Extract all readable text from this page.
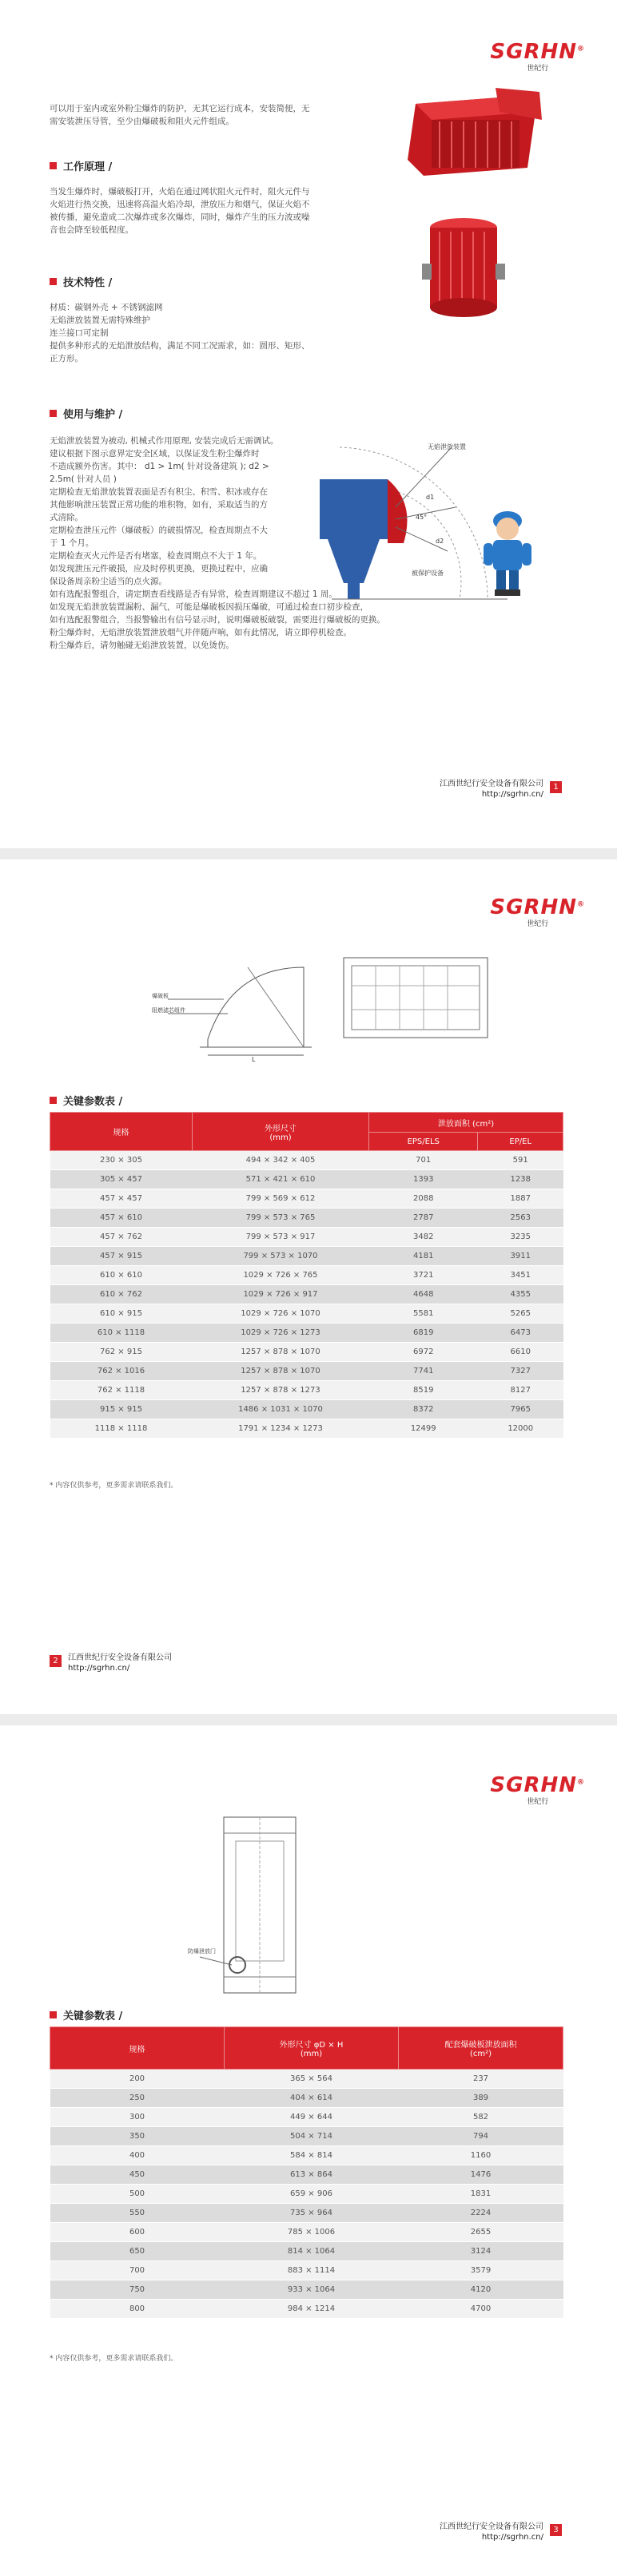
SGRHN®
世纪行
可以用于室内或室外粉尘爆炸的防护，无其它运行成本，安装简便，无
需安装泄压导管，至少由爆破板和阻火元件组成。
工作原理 /
当发生爆炸时，爆破板打开，火焰在通过网状阻火元件时，阻火元件与
火焰进行热交换，迅速将高温火焰冷却，泄放压力和烟气，保证火焰不
被传播，避免造成二次爆炸或多次爆炸，同时，爆炸产生的压力波或噪
音也会降至较低程度。
技术特性 /
材质：碳钢外壳 + 不锈钢滤网
无焰泄放装置无需特殊维护
连兰接口可定制
提供多种形式的无焰泄放结构，满足不同工况需求，如：圆形、矩形、
正方形。
使用与维护 /
无焰泄放装置为被动, 机械式作用原理, 安装完成后无需调试。
建议根据下图示意界定安全区域，以保证发生粉尘爆炸时
不造成额外伤害。其中： d1 > 1m( 针对设备建筑 ); d2 >
2.5m( 针对人员 )
定期检查无焰泄放装置表面是否有积尘、积雪、积冰或存在
其他影响泄压装置正常功能的堆积物，如有，采取适当的方
式清除。
定期检查泄压元件（爆破板）的破损情况，检查周期点不大
于 1 个月。
定期检查灭火元件是否有堵塞，检查周期点不大于 1 年。
如发现泄压元件破损，应及时停机更换，更换过程中，应确
保设备周亲粉尘适当的点火源。
如有选配报警组合，请定期查看线路是否有异常，检查周期建议不超过 1 周。
如发现无焰泄放装置漏粉、漏气，可能是爆破板因损压爆破，可通过检查口初步检查，
如有选配报警组合，当报警输出有信号显示时，说明爆破板破裂，需要进行爆破板的更换。
粉尘爆炸时，无焰泄放装置泄放烟气并伴随声响，如有此情况，请立即停机检查。
粉尘爆炸后，请勿触碰无焰泄放装置，以免烫伤。
无焰泄放装置
被保护设备
d1
d2
45°
江西世纪行安全设备有限公司
http://sgrhn.cn/
1
SGRHN®
世纪行
L
爆破板
阻燃滤芯组件
关键参数表 /
规格	外形尺寸
(mm)	泄放面积 (cm²)	
		EPS/ELS	EP/EL
230 × 305	494 × 342 × 405	701	591
305 × 457	571 × 421 × 610	1393	1238
457 × 457	799 × 569 × 612	2088	1887
457 × 610	799 × 573 × 765	2787	2563
457 × 762	799 × 573 × 917	3482	3235
457 × 915	799 × 573 × 1070	4181	3911
610 × 610	1029 × 726 × 765	3721	3451
610 × 762	1029 × 726 × 917	4648	4355
610 × 915	1029 × 726 × 1070	5581	5265
610 × 1118	1029 × 726 × 1273	6819	6473
762 × 915	1257 × 878 × 1070	6972	6610
762 × 1016	1257 × 878 × 1070	7741	7327
762 × 1118	1257 × 878 × 1273	8519	8127
915 × 915	1486 × 1031 × 1070	8372	7965
1118 × 1118	1791 × 1234 × 1273	12499	12000
* 内容仅供参考，更多需求请联系我们。
2	江西世纪行安全设备有限公司
http://sgrhn.cn/
SGRHN®
世纪行
防爆泄放门
关键参数表 /
规格	外形尺寸 φD × H
(mm)	配套爆破板泄放面积
(cm²)
200	365 × 564	237
250	404 × 614	389
300	449 × 644	582
350	504 × 714	794
400	584 × 814	1160
450	613 × 864	1476
500	659 × 906	1831
550	735 × 964	2224
600	785 × 1006	2655
650	814 × 1064	3124
700	883 × 1114	3579
750	933 × 1064	4120
800	984 × 1214	4700
* 内容仅供参考，更多需求请联系我们。
江西世纪行安全设备有限公司
http://sgrhn.cn/
3
